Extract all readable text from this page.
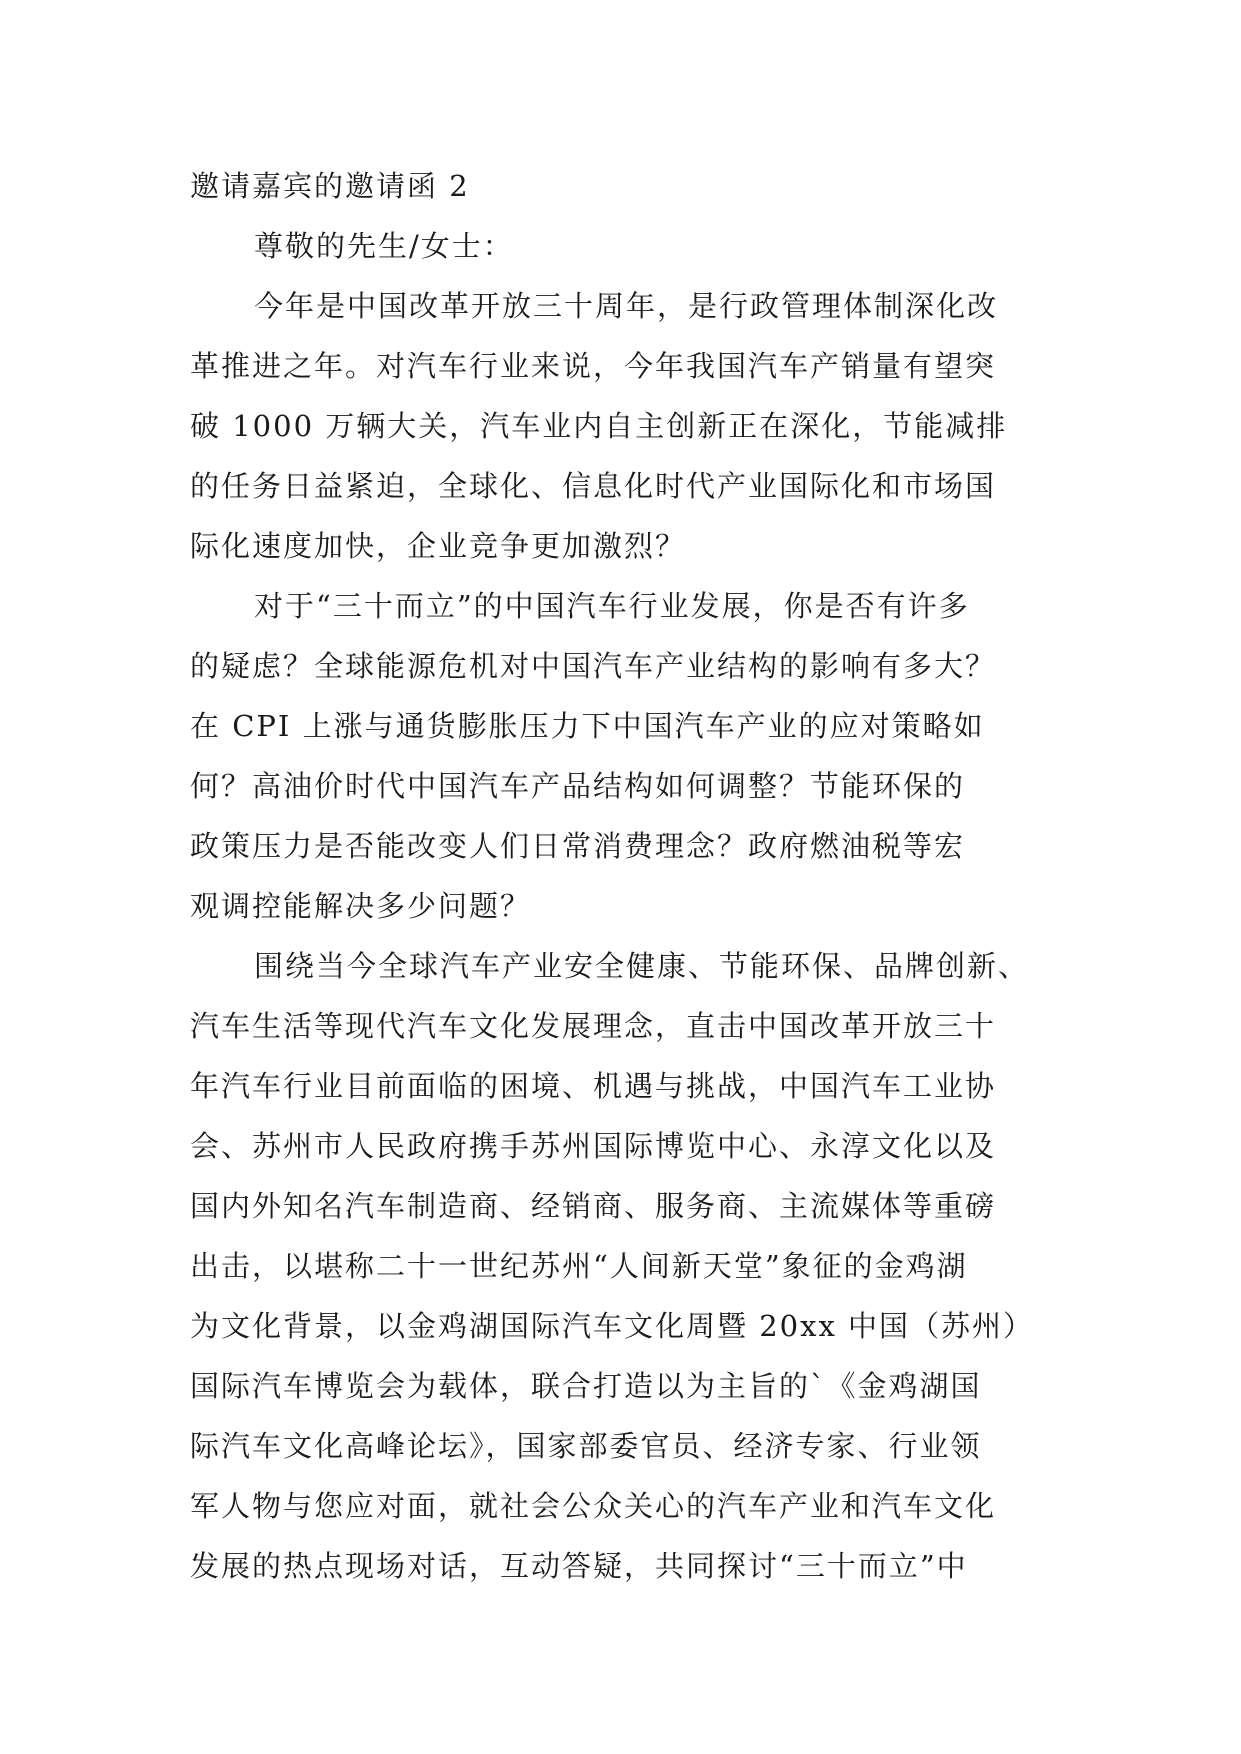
邀请嘉宾的邀请函 2

尊敬的先生/女士：

今年是中国改革开放三十周年，是行政管理体制深化改
革推进之年。对汽车行业来说，今年我国汽车产销量有望突
破 1000 万辆大关，汽车业内自主创新正在深化，节能减排
的任务日益紧迫，全球化、信息化时代产业国际化和市场国
际化速度加快，企业竞争更加激烈？
对于“三十而立”的中国汽车行业发展，你是否有许多
的疑虑？全球能源危机对中国汽车产业结构的影响有多大？
在 CPI 上涨与通货膨胀压力下中国汽车产业的应对策略如
何？高油价时代中国汽车产品结构如何调整？节能环保的
政策压力是否能改变人们日常消费理念？政府燃油税等宏
观调控能解决多少问题？
围绕当今全球汽车产业安全健康、节能环保、品牌创新、
汽车生活等现代汽车文化发展理念，直击中国改革开放三十
年汽车行业目前面临的困境、机遇与挑战，中国汽车工业协
会、苏州市人民政府携手苏州国际博览中心、永淳文化以及
国内外知名汽车制造商、经销商、服务商、主流媒体等重磅
出击，以堪称二十一世纪苏州“人间新天堂”象征的金鸡湖
为文化背景，以金鸡湖国际汽车文化周暨 20xx 中国（苏州）
国际汽车博览会为载体，联合打造以为主旨的`《金鸡湖国
际汽车文化高峰论坛》，国家部委官员、经济专家、行业领
军人物与您应对面，就社会公众关心的汽车产业和汽车文化
发展的热点现场对话，互动答疑，共同探讨“三十而立”中
